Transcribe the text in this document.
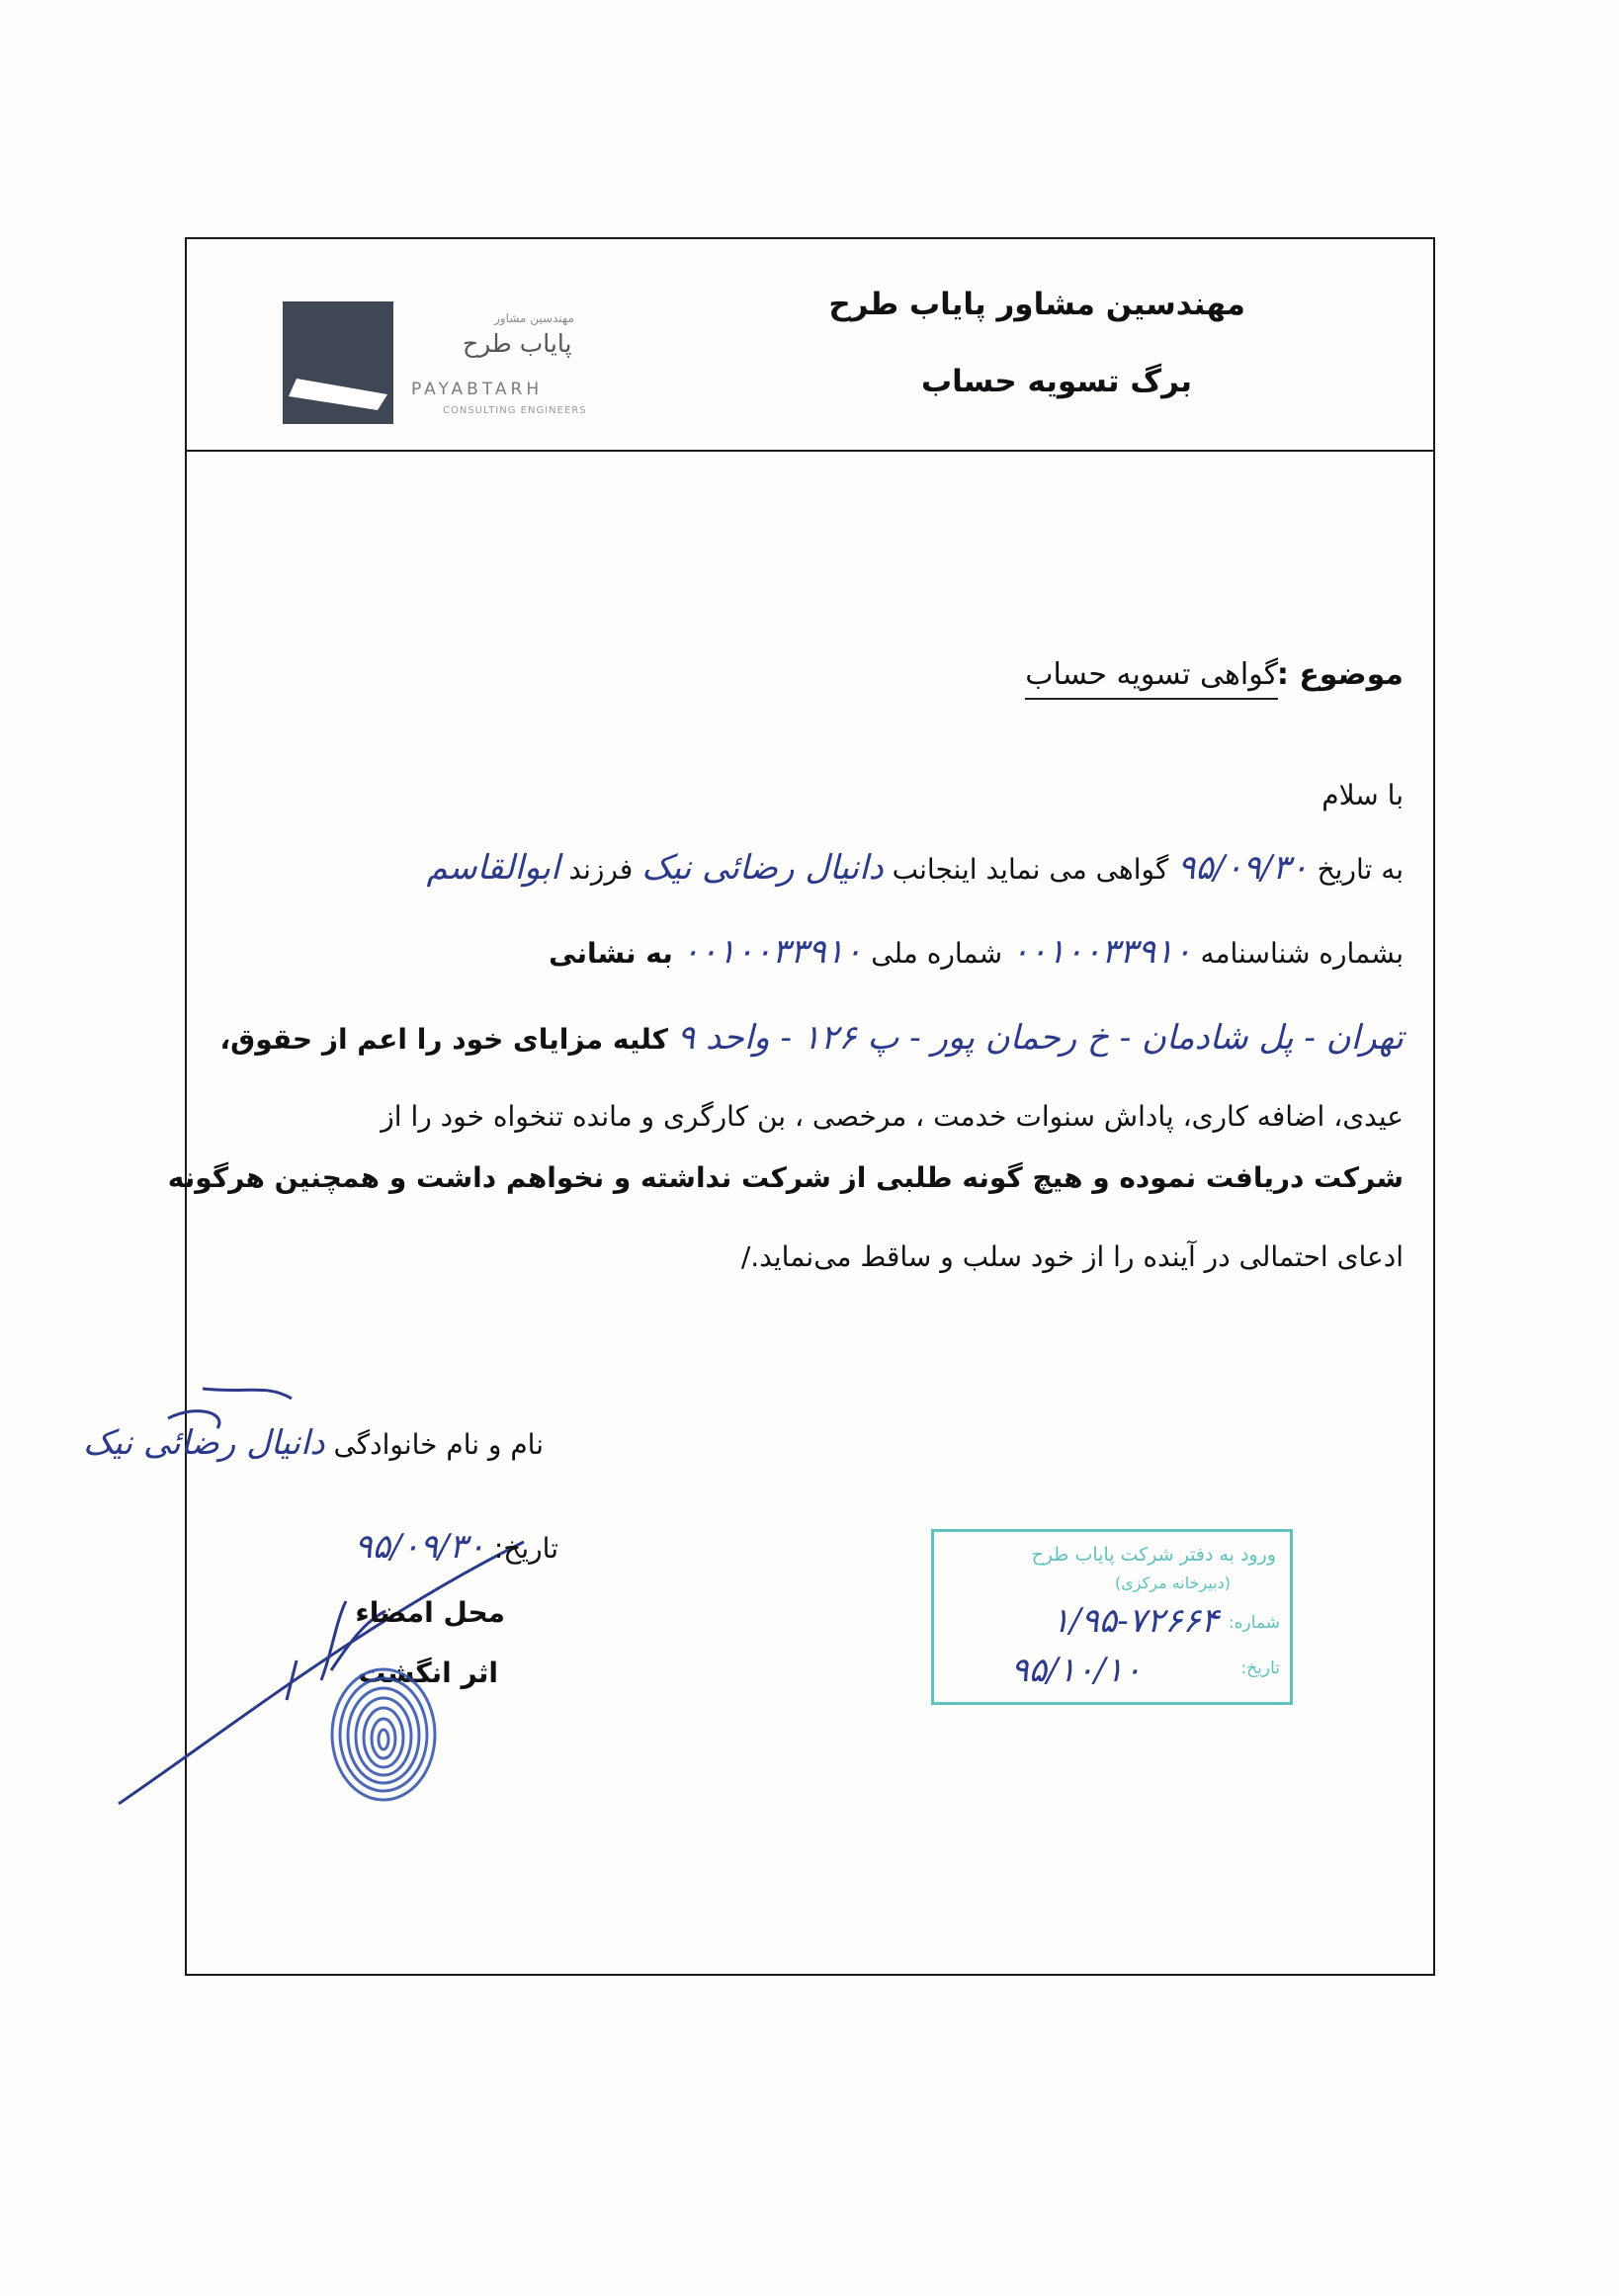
مهندسین مشاور پایاب طرح
برگ تسویه حساب
مهندسین مشاور
پایاب طرح
PAYABTARH
CONSULTING ENGINEERS
موضوع :
گواهی تسویه حساب
با سلام
به تاریخ ۹۵/۰۹/۳۰ گواهی می نماید اینجانب دانیال رضائی نیک فرزند ابوالقاسم
بشماره شناسنامه ۰۰۱۰۰۳۳۹۱۰ شماره ملی ۰۰۱۰۰۳۳۹۱۰ به نشانی
تهران - پل شادمان - خ رحمان پور - پ ۱۲۶ - واحد ۹ کلیه مزایای خود را اعم از حقوق،
عیدی، اضافه کاری، پاداش سنوات خدمت ، مرخصی ، بن کارگری و مانده تنخواه خود را از
شرکت دریافت نموده و هیچ گونه طلبی از شرکت نداشته و نخواهم داشت و همچنین هرگونه
ادعای احتمالی در آینده را از خود سلب و ساقط می‌نماید./
نام و نام خانوادگی دانیال رضائی نیک
تاریخ: ۹۵/۰۹/۳۰
محل امضاء
اثر انگشت
ورود به دفتر شرکت پایاب طرح
(دبیرخانه مرکزی)
شماره:
۱/۹۵-۷۲۶۶۴
تاریخ:
۹۵/۱۰/۱۰
